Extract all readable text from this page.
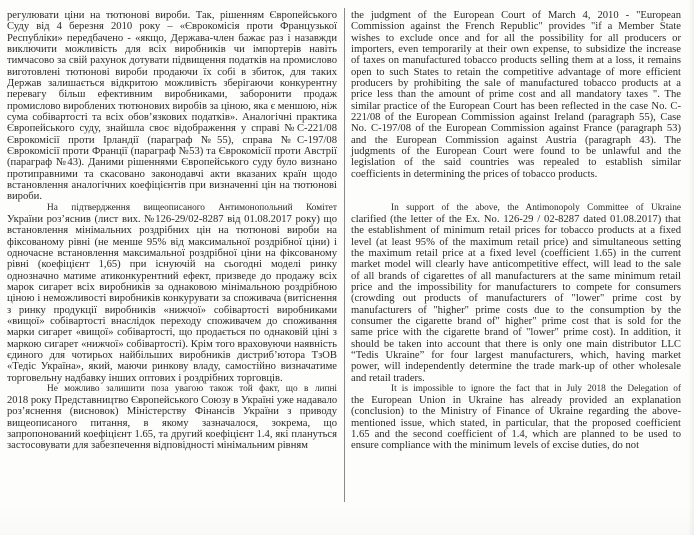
регулювати ціни на тютюнові вироби. Так, рішенням Європейського
Суду від 4 березня 2010 року – «Єврокомісія проти Французької
Республіки» передбачено - «якщо, Держава-член бажає раз і назавжди
виключити можливість для всіх виробників чи імпортерів навіть
тимчасово за свій рахунок дотувати підвищення податків на промислово
виготовлені тютюнові вироби продаючи їх собі в збиток, для таких
Держав залишається відкритою можливість зберігаючи конкурентну
перевагу більш ефективним виробниками, заборонити продаж
промислово вироблених тютюнових виробів за ціною, яка є меншою, ніж
сума собівартості та всіх обов’язкових податків». Аналогічні практика
Європейського суду, знайшла своє відображення у справі №С-221/08
Єврокомісії проти Ірландії (параграф №55), справа №С-197/08
Єврокомісії проти Франції (параграф №53) та Єврокомісії проти Австрії
(параграф №43). Даними рішеннями Європейського суду було визнано
протиправними та скасовано законодавчі акти вказаних країн щодо
встановлення аналогічних коефіцієнтів при визначенні цін на тютюнові
вироби.
На підтвердження вищеописаного Антимонопольний Комітет
України роз’яснив (лист вих. №126-29/02-8287 від 01.08.2017 року) що
встановлення мінімальних роздрібних цін на тютюнові вироби на
фіксованому рівні (не менше 95% від максимальної роздрібної ціни) і
одночасне встановлення максимальної роздрібної ціни на фіксованому
рівні (коефіцієнт 1,65) при існуючій на сьогодні моделі ринку
однозначно матиме атиконкурентний ефект, призведе до продажу всіх
марок сигарет всіх виробників за однаковою мінімальною роздрібною
ціною і неможливості виробників конкурувати за споживача (витіснення
з ринку продукції виробників «нижчої» собівартості виробниками
«вищої» собівартості внаслідок переходу споживачем до споживання
марки сигарет «вищої» собівартості, що продається по однаковій ціні з
маркою сигарет «нижчої» собівартості). Крім того враховуючи наявність
єдиного для чотирьох найбільших виробників дистриб’ютора ТзОВ
«Тедіс Україна», який, маючи ринкову владу, самостійно визначатиме
торговельну надбавку інших оптових і роздрібних торговців.
Не можливо залишити поза увагою також той факт, що в липні
2018 року Представництво Європейського Союзу в Україні уже надавало
роз’яснення (висновок) Міністерству Фінансів України з приводу
вищеописаного питання, в якому зазначалося, зокрема, що
запропонований коефіцієнт 1.65, та другий коефіцієнт 1.4, які плануться
застосовувати для забезпечення відповідності мінімальним рівням
the judgment of the European Court of March 4, 2010 - "European
Commission against the French Republic" provides "if a Member State
wishes to exclude once and for all the possibility for all producers or
importers, even temporarily at their own expense, to subsidize the increase
of taxes on manufactured tobacco products selling them at a loss, it remains
open to such States to retain the competitive advantage of more efficient
producers by prohibiting the sale of manufactured tobacco products at a
price less than the amount of prime cost and all mandatory taxes ". The
similar practice of the European Court has been reflected in the case No. C-
221/08 of the European Commission against Ireland (paragraph 55), Case
No. C-197/08 of the European Commission against France (paragraph 53)
and the European Commission against Austria (paragraph 43). The
judgments of the European Court were found to be unlawful and the
legislation of the said countries was repealed to establish similar
coefficients in determining the prices of tobacco products.
In support of the above, the Antimonopoly Committee of Ukraine
clarified (the letter of the Ex. No. 126-29 / 02-8287 dated 01.08.2017) that
the establishment of minimum retail prices for tobacco products at a fixed
level (at least 95% of the maximum retail price) and simultaneous setting
the maximum retail price at a fixed level (coefficient 1.65) in the current
market model will clearly have anticompetitive effect, will lead to the sale
of all brands of cigarettes of all manufacturers at the same minimum retail
price and the impossibility for manufacturers to compete for consumers
(crowding out products of manufacturers of "lower" prime cost by
manufacturers of "higher" prime costs due to the consumption by the
consumer the cigarette brand of" higher" prime cost that is sold for the
same price with the cigarette brand of "lower" prime cost). In addition, it
should be taken into account that there is only one main distributor LLC
“Tedis Ukraine” for four largest manufacturers, which, having market
power, will independently determine the trade mark-up of other wholesale
and retail traders.
It is impossible to ignore the fact that in July 2018 the Delegation of
the European Union in Ukraine has already provided an explanation
(conclusion) to the Ministry of Finance of Ukraine regarding the above-
mentioned issue, which stated, in particular, that the proposed coefficient
1.65 and the second coefficient of 1.4, which are planned to be used to
ensure compliance with the minimum levels of excise duties, do not
